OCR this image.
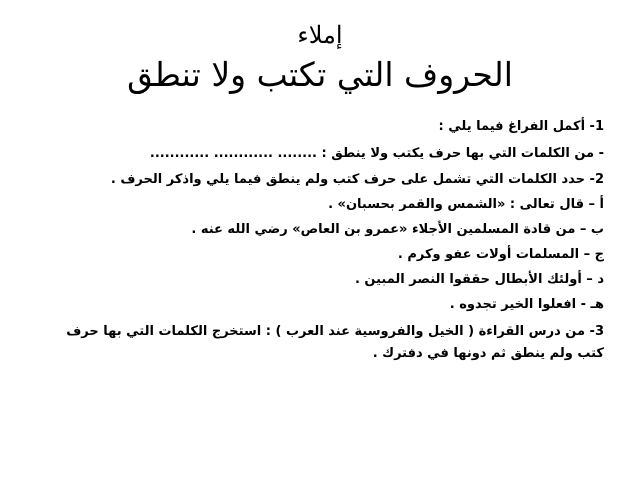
إملاء
الحروف التي تكتب ولا تنطق
1- أكمل الفراغ فيما يلي :
- من الكلمات التي بها حرف يكتب ولا ينطق : ........ ............ ............
2- حدد الكلمات التي تشمل على حرف كتب ولم ينطق فيما يلي واذكر الحرف .
أ – قال تعالى : «الشمس والقمر بحسبان» .
ب – من قادة المسلمين الأجلاء «عمرو بن العاص» رضي الله عنه .
ج – المسلمات أولات عفو وكرم .
د – أولئك الأبطال حققوا النصر المبين .
هـ - افعلوا الخير تجدوه .
3- من درس القراءة ( الخيل والفروسية عند العرب ) : استخرج الكلمات التي بها حرف كتب ولم ينطق ثم دونها في دفترك .
